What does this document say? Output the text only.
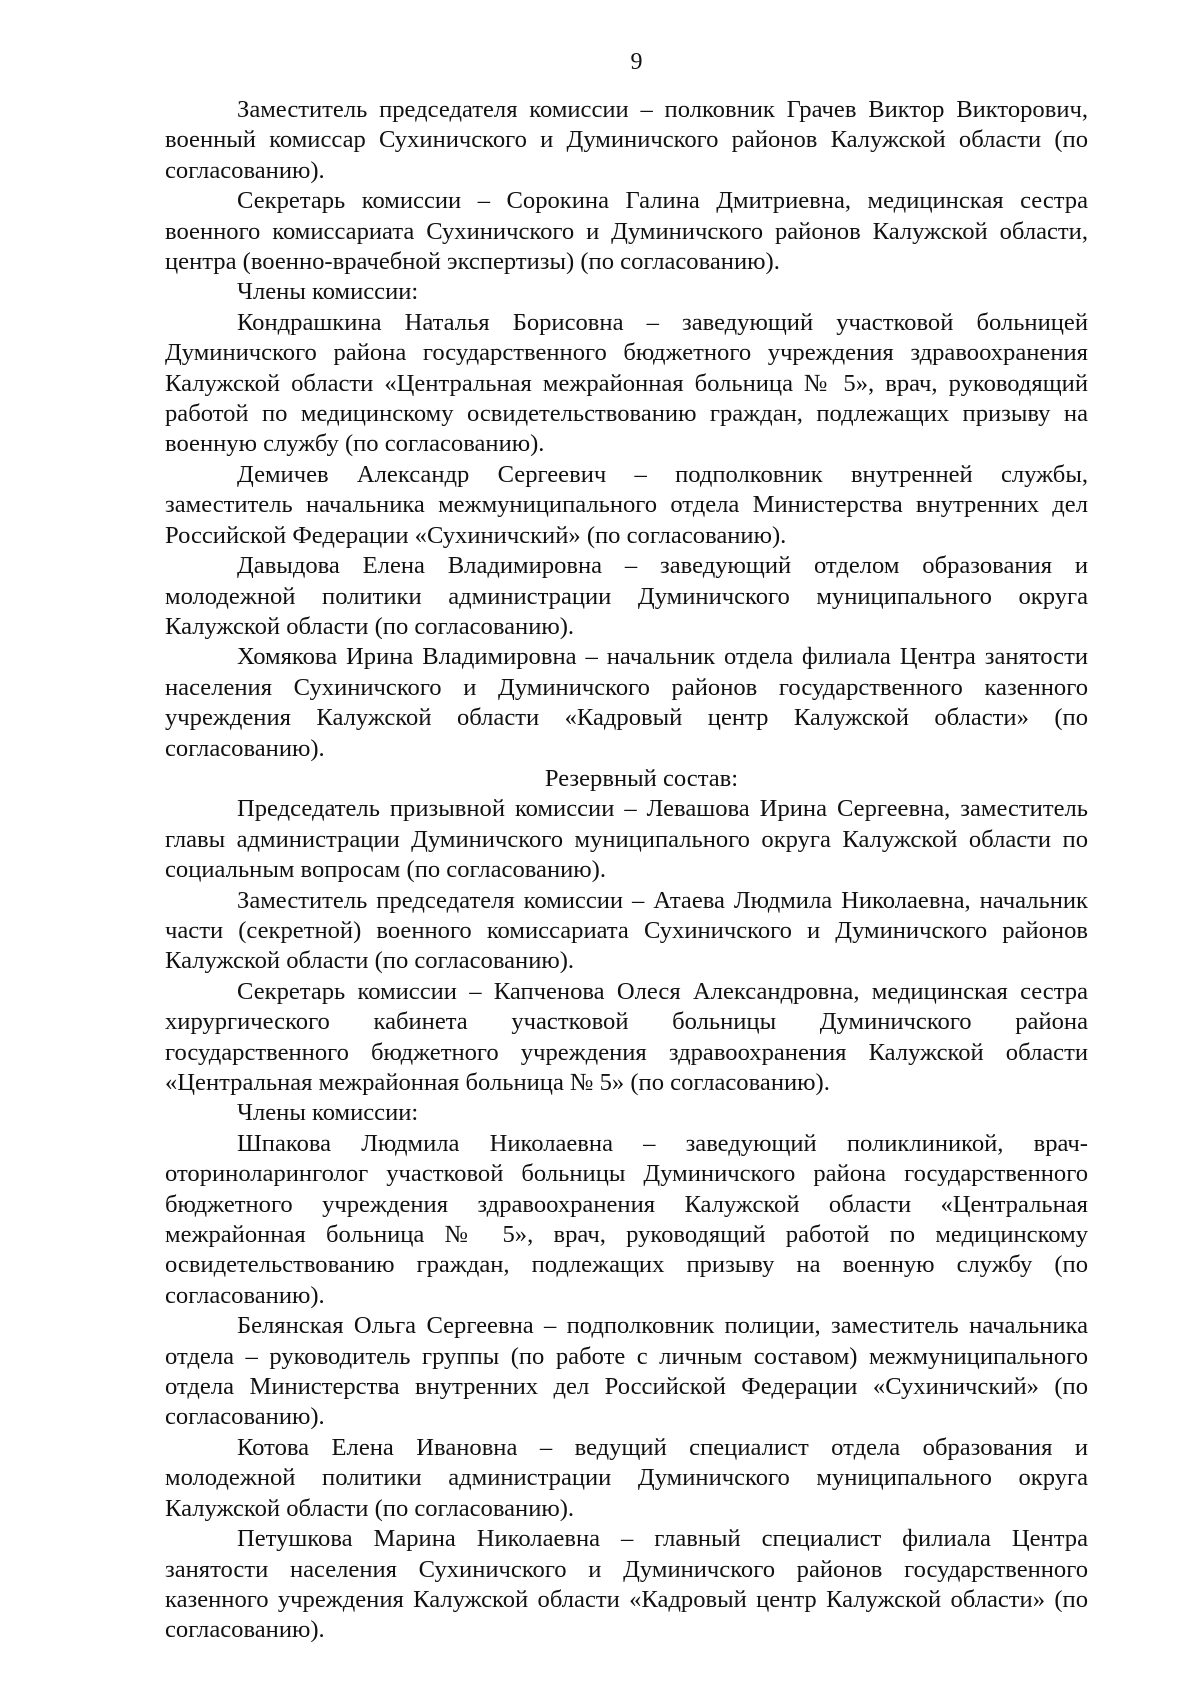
9

Заместитель председателя комиссии – полковник Грачев Виктор Викторович, военный комиссар Сухиничского и Думиничского районов Калужской области (по согласованию).

Секретарь комиссии – Сорокина Галина Дмитриевна, медицинская сестра военного комиссариата Сухиничского и Думиничского районов Калужской области, центра (военно-врачебной экспертизы) (по согласованию).

Члены комиссии:

Кондрашкина Наталья Борисовна – заведующий участковой больницей Думиничского района государственного бюджетного учреждения здравоохранения Калужской области «Центральная межрайонная больница № 5», врач, руководящий работой по медицинскому освидетельствованию граждан, подлежащих призыву на военную службу (по согласованию).

Демичев Александр Сергеевич – подполковник внутренней службы, заместитель начальника межмуниципального отдела Министерства внутренних дел Российской Федерации «Сухиничский» (по согласованию).

Давыдова Елена Владимировна – заведующий отделом образования и молодежной политики администрации Думиничского муниципального округа Калужской области (по согласованию).

Хомякова Ирина Владимировна – начальник отдела филиала Центра занятости населения Сухиничского и Думиничского районов государственного казенного учреждения Калужской области «Кадровый центр Калужской области» (по согласованию).

Резервный состав:

Председатель призывной комиссии – Левашова Ирина Сергеевна, заместитель главы администрации Думиничского муниципального округа Калужской области по социальным вопросам (по согласованию).

Заместитель председателя комиссии – Атаева Людмила Николаевна, начальник части (секретной) военного комиссариата Сухиничского и Думиничского районов Калужской области (по согласованию).

Секретарь комиссии – Капченова Олеся Александровна, медицинская сестра хирургического кабинета участковой больницы Думиничского района государственного бюджетного учреждения здравоохранения Калужской области «Центральная межрайонная больница № 5» (по согласованию).

Члены комиссии:

Шпакова Людмила Николаевна – заведующий поликлиникой, врач-оториноларинголог участковой больницы Думиничского района государственного бюджетного учреждения здравоохранения Калужской области «Центральная межрайонная больница № 5», врач, руководящий работой по медицинскому освидетельствованию граждан, подлежащих призыву на военную службу (по согласованию).

Белянская Ольга Сергеевна – подполковник полиции, заместитель начальника отдела – руководитель группы (по работе с личным составом) межмуниципального отдела Министерства внутренних дел Российской Федерации «Сухиничский» (по согласованию).

Котова Елена Ивановна – ведущий специалист отдела образования и молодежной политики администрации Думиничского муниципального округа Калужской области (по согласованию).

Петушкова Марина Николаевна – главный специалист филиала Центра занятости населения Сухиничского и Думиничского районов государственного казенного учреждения Калужской области «Кадровый центр Калужской области» (по согласованию).
